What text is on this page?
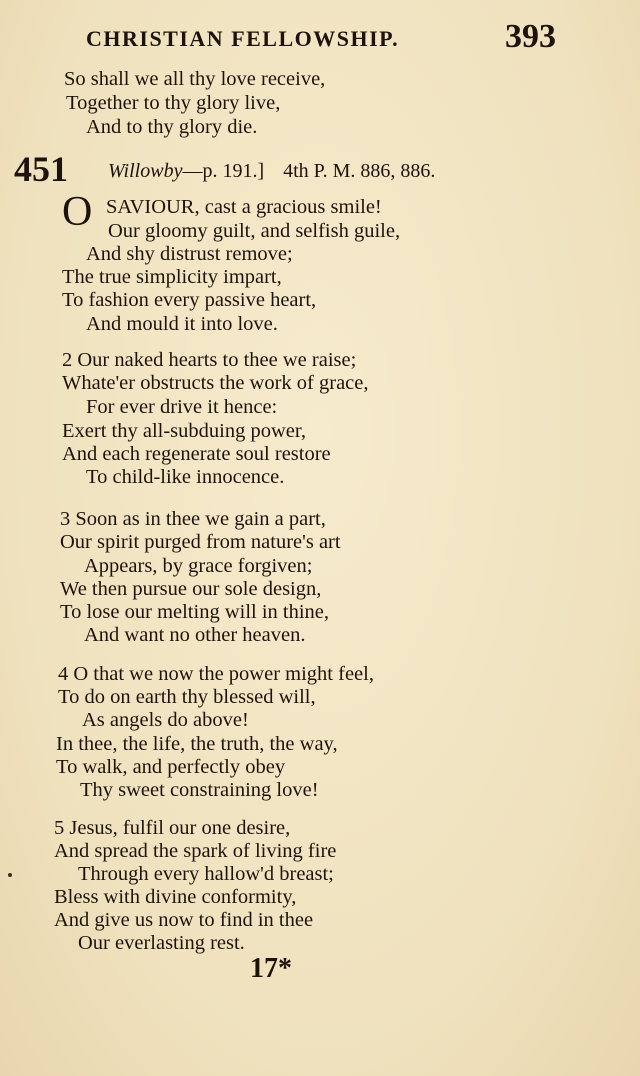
CHRISTIAN FELLOWSHIP.	393
So shall we all thy love receive,
Together to thy glory live,
And to thy glory die.
451 Willowby—p. 191.] 4th P. M. 886, 886.
O SAVIOUR, cast a gracious smile!
Our gloomy guilt, and selfish guile,
And shy distrust remove;
The true simplicity impart,
To fashion every passive heart,
And mould it into love.
2 Our naked hearts to thee we raise;
Whate'er obstructs the work of grace,
For ever drive it hence:
Exert thy all-subduing power,
And each regenerate soul restore
To child-like innocence.
3 Soon as in thee we gain a part,
Our spirit purged from nature's art
Appears, by grace forgiven;
We then pursue our sole design,
To lose our melting will in thine,
And want no other heaven.
4 O that we now the power might feel,
To do on earth thy blessed will,
As angels do above!
In thee, the life, the truth, the way,
To walk, and perfectly obey
Thy sweet constraining love!
5 Jesus, fulfil our one desire,
And spread the spark of living fire
Through every hallow'd breast;
Bless with divine conformity,
And give us now to find in thee
Our everlasting rest.
17*
